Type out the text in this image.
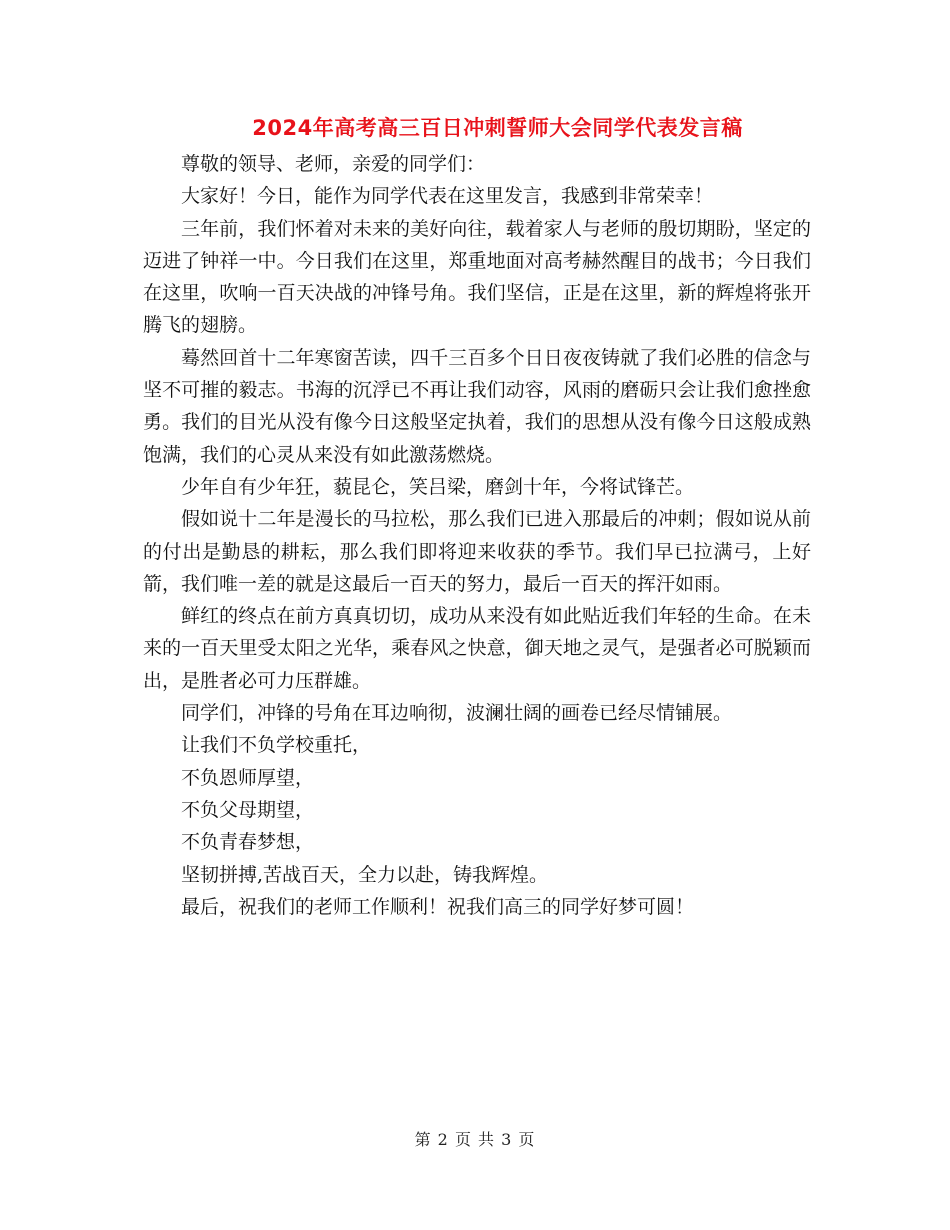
2024年高考高三百日冲刺誓师大会同学代表发言稿

尊敬的领导、老师，亲爱的同学们：

大家好！今日，能作为同学代表在这里发言，我感到非常荣幸！

三年前，我们怀着对未来的美好向往，载着家人与老师的殷切期盼，坚定的迈进了钟祥一中。今日我们在这里，郑重地面对高考赫然醒目的战书；今日我们在这里，吹响一百天决战的冲锋号角。我们坚信，正是在这里，新的辉煌将张开腾飞的翅膀。

蓦然回首十二年寒窗苦读，四千三百多个日日夜夜铸就了我们必胜的信念与坚不可摧的毅志。书海的沉浮已不再让我们动容，风雨的磨砺只会让我们愈挫愈勇。我们的目光从没有像今日这般坚定执着，我们的思想从没有像今日这般成熟饱满，我们的心灵从来没有如此激荡燃烧。

少年自有少年狂，藐昆仑，笑吕梁，磨剑十年，今将试锋芒。

假如说十二年是漫长的马拉松，那么我们已进入那最后的冲刺；假如说从前的付出是勤恳的耕耘，那么我们即将迎来收获的季节。我们早已拉满弓，上好箭，我们唯一差的就是这最后一百天的努力，最后一百天的挥汗如雨。

鲜红的终点在前方真真切切，成功从来没有如此贴近我们年轻的生命。在未来的一百天里受太阳之光华，乘春风之快意，御天地之灵气，是强者必可脱颖而出，是胜者必可力压群雄。

同学们，冲锋的号角在耳边响彻，波澜壮阔的画卷已经尽情铺展。

让我们不负学校重托，

不负恩师厚望，

不负父母期望，

不负青春梦想，

坚韧拼搏,苦战百天，全力以赴，铸我辉煌。

最后，祝我们的老师工作顺利！祝我们高三的同学好梦可圆！

第 2 页 共 3 页
